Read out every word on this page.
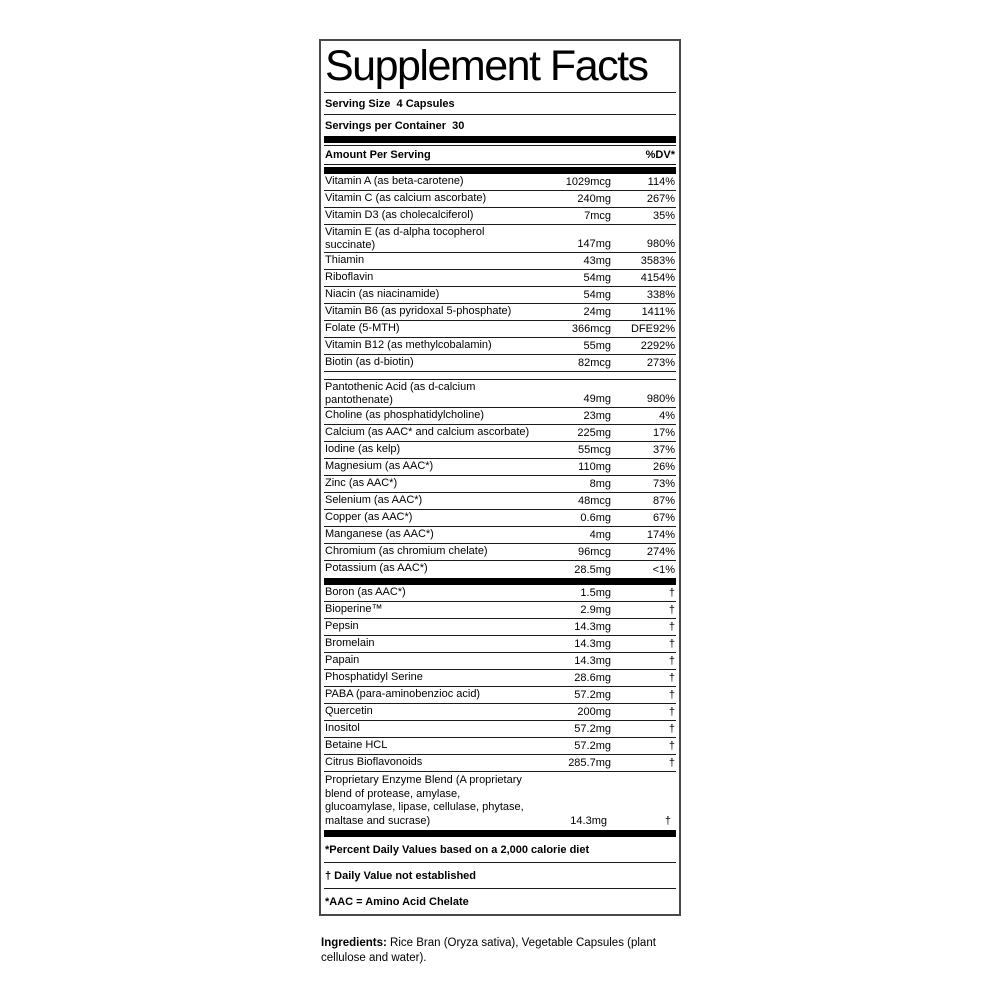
Supplement Facts
Serving Size  4 Capsules
Servings per Container  30
Amount Per Serving	%DV*
Vitamin A (as beta-carotene)	1029mcg	114%
Vitamin C (as calcium ascorbate)	240mg	267%
Vitamin D3 (as cholecalciferol)	7mcg	35%
Vitamin E (as d-alpha tocopherol succinate)	147mg	980%
Thiamin	43mg	3583%
Riboflavin	54mg	4154%
Niacin (as niacinamide)	54mg	338%
Vitamin B6 (as pyridoxal 5-phosphate)	24mg	1411%
Folate (5-MTH)	366mcg	DFE92%
Vitamin B12 (as methylcobalamin)	55mg	2292%
Biotin (as d-biotin)	82mcg	273%
Pantothenic Acid (as d-calcium pantothenate)	49mg	980%
Choline (as phosphatidylcholine)	23mg	4%
Calcium (as AAC* and calcium ascorbate)	225mg	17%
Iodine (as kelp)	55mcg	37%
Magnesium (as AAC*)	110mg	26%
Zinc (as AAC*)	8mg	73%
Selenium (as AAC*)	48mcg	87%
Copper (as AAC*)	0.6mg	67%
Manganese (as AAC*)	4mg	174%
Chromium (as chromium chelate)	96mcg	274%
Potassium (as AAC*)	28.5mg	<1%
Boron (as AAC*)	1.5mg	†
Bioperine™	2.9mg	†
Pepsin	14.3mg	†
Bromelain	14.3mg	†
Papain	14.3mg	†
Phosphatidyl Serine	28.6mg	†
PABA (para-aminobenzioc acid)	57.2mg	†
Quercetin	200mg	†
Inositol	57.2mg	†
Betaine HCL	57.2mg	†
Citrus Bioflavonoids	285.7mg	†
Proprietary Enzyme Blend (A proprietary blend of protease, amylase, glucoamylase, lipase, cellulase, phytase, maltase and sucrase)	14.3mg	†
*Percent Daily Values based on a 2,000 calorie diet
† Daily Value not established
*AAC = Amino Acid Chelate
Ingredients: Rice Bran (Oryza sativa), Vegetable Capsules (plant cellulose and water).
